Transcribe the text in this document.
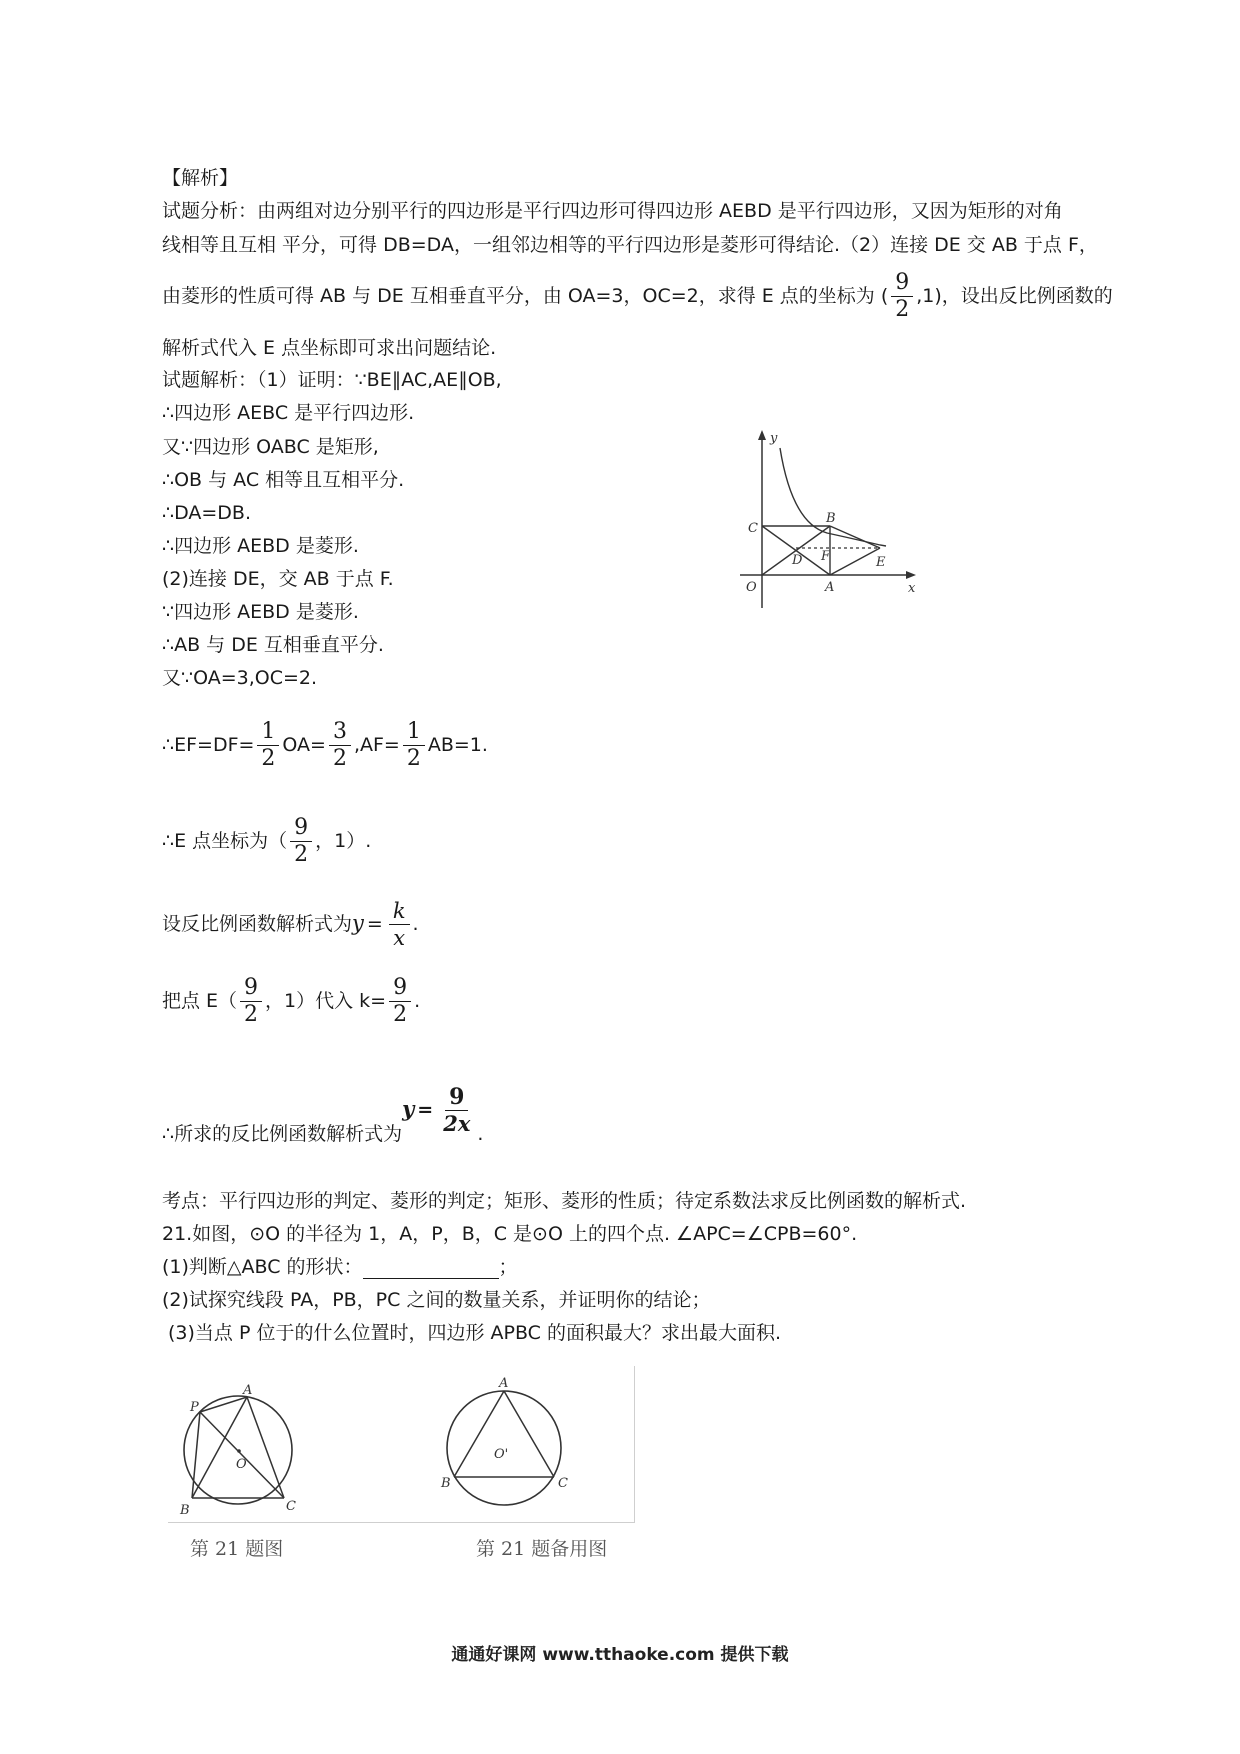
【解析】
试题分析：由两组对边分别平行的四边形是平行四边形可得四边形 AEBD 是平行四边形，又因为矩形的对角
线相等且互相 平分，可得 DB=DA，一组邻边相等的平行四边形是菱形可得结论.（2）连接 DE 交 AB 于点 F，
由菱形的性质可得 AB 与 DE 互相垂直平分，由 OA=3，OC=2，求得 E 点的坐标为 ( $\frac{9}{2} ,1$)，设出反比例函数的
解析式代入 E 点坐标即可求出问题结论.
试题解析：（1）证明：∵BE∥AC,AE∥OB,
∴四边形 AEBC 是平行四边形.
又∵四边形 OABC 是矩形,
∴OB 与 AC 相等且互相平分.
∴DA=DB.
∴四边形 AEBD 是菱形.
(2)连接 DE，交 AB 于点 F.
∵四边形 AEBD 是菱形.
∴AB 与 DE 互相垂直平分.
又∵OA=3,OC=2.
∴EF=DF= $\frac{1}{2} OA= \frac{3}{2} ,AF= \frac{1}{2} AB=1$.
∴E 点坐标为（ $\frac{9}{2}$ ，1）.
设反比例函数解析式为$y = \frac{k}{x}$ .
把点 $E( \frac{9}{2}$ ，1）代入 $k= \frac{9}{2}$ .
∴所求的反比例函数解析式为$y = \frac{9}{2x}$ .
考点：平行四边形的判定、菱形的判定；矩形、菱形的性质；待定系数法求反比例函数的解析式.
21.如图，⊙O 的半径为 1，A，P，B，C 是⊙O 上的四个点. ∠APC=∠CPB=60°.
(1)判断△ABC 的形状：	；
(2)试探究线段 PA，PB，PC 之间的数量关系，并证明你的结论；
(3)当点 P 位于的什么位置时，四边形 APBC 的面积最大？求出最大面积.
y
x
C
B
D F	E
O	A
A
P
O
B	C
第 21 题图
A
O'
B	C
第 21 题备用图
通通好课网 www.tthaoke.com 提供下载
